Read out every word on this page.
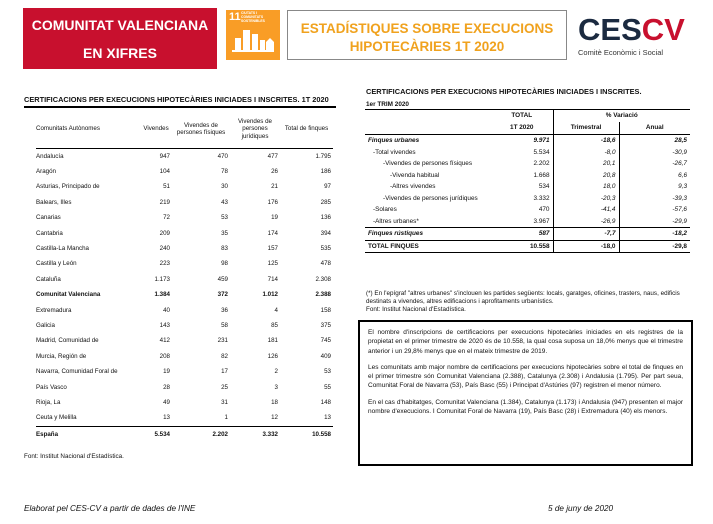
COMUNITAT VALENCIANA
EN XIFRES
11 CIUTATS I COMUNITATS SOSTENIBLES
ESTADÍSTIQUES SOBRE EXECUCIONS
HIPOTECÀRIES 1T 2020	CESCV
Comitè Econòmic i Social
CERTIFICACIONS PER EXECUCIONS HIPOTECÀRIES INICIADES I INSCRITES. 1T 2020
Comunitats Autònomes	Vivendes	Vivendes de persones físiques	Vivendes de persones jurídiques	Total de finques
Andalucía	947	470	477	1.795
Aragón	104	78	26	186
Asturias, Principado de	51	30	21	97
Balears, Illes	219	43	176	285
Canarias	72	53	19	136
Cantabria	209	35	174	394
Castilla-La Mancha	240	83	157	535
Castilla y León	223	98	125	478
Cataluña	1.173	459	714	2.308
Comunitat Valenciana	1.384	372	1.012	2.388
Extremadura	40	36	4	158
Galicia	143	58	85	375
Madrid, Comunidad de	412	231	181	745
Murcia, Región de	208	82	126	409
Navarra, Comunidad Foral de	19	17	2	53
País Vasco	28	25	3	55
Rioja, La	49	31	18	148
Ceuta y Melilla	13	1	12	13
España	5.534	2.202	3.332	10.558
Font: Institut Nacional d'Estadística.
CERTIFICACIONS PER EXECUCIONS HIPOTECÀRIES INICIADES I INSCRITES.
1er TRIM 2020
	TOTAL	% Variació	
	1T 2020	Trimestral	Anual
Finques urbanes	9.971	-18,6	28,5
-Total vivendes	5.534	-8,0	-30,9
-Vivendes de persones físiques	2.202	20,1	-26,7
-Vivenda habitual	1.668	20,8	6,6
-Altres vivendes	534	18,0	9,3
-Vivendes de persones jurídiques	3.332	-20,3	-39,3
-Solares	470	-41,4	-57,6
-Altres urbanes*	3.967	-26,9	-29,9
Finques rústiques	587	-7,7	-18,2
TOTAL FINQUES	10.558	-18,0	-29,8
(*) En l'epígraf "altres urbanes" s'inclouen les partides següents: locals, garatges, oficines, trasters, naus, edificis destinats a vivendes, altres edificacions i aprofitaments urbanístics.
Font: Institut Nacional d'Estadística.

El nombre d'inscripcions de certificacions per execucions hipotecàries iniciades en els registres de la propietat en el primer trimestre de 2020 és de 10.558, la qual cosa suposa un 18,0% menys que el trimestre anterior i un 29,8% menys que en el mateix trimestre de 2019.

Les comunitats amb major nombre de certificacions per execucions hipotecàries sobre el total de finques en el primer trimestre són Comunitat Valenciana (2.388), Catalunya (2.308) i Andalusia (1.795). Per part seua, Comunitat Foral de Navarra (53), País Basc (55) i Principat d'Astúries (97) registren el menor número.

En el cas d'habitatges, Comunitat Valenciana (1.384), Catalunya (1.173) i Andalusia (947) presenten el major nombre d'execucions. I Comunitat Foral de Navarra (19), País Basc (28) i Extremadura (40) els menors.

Elaborat pel CES-CV a partir de dades de l'INE	5 de juny de 2020
